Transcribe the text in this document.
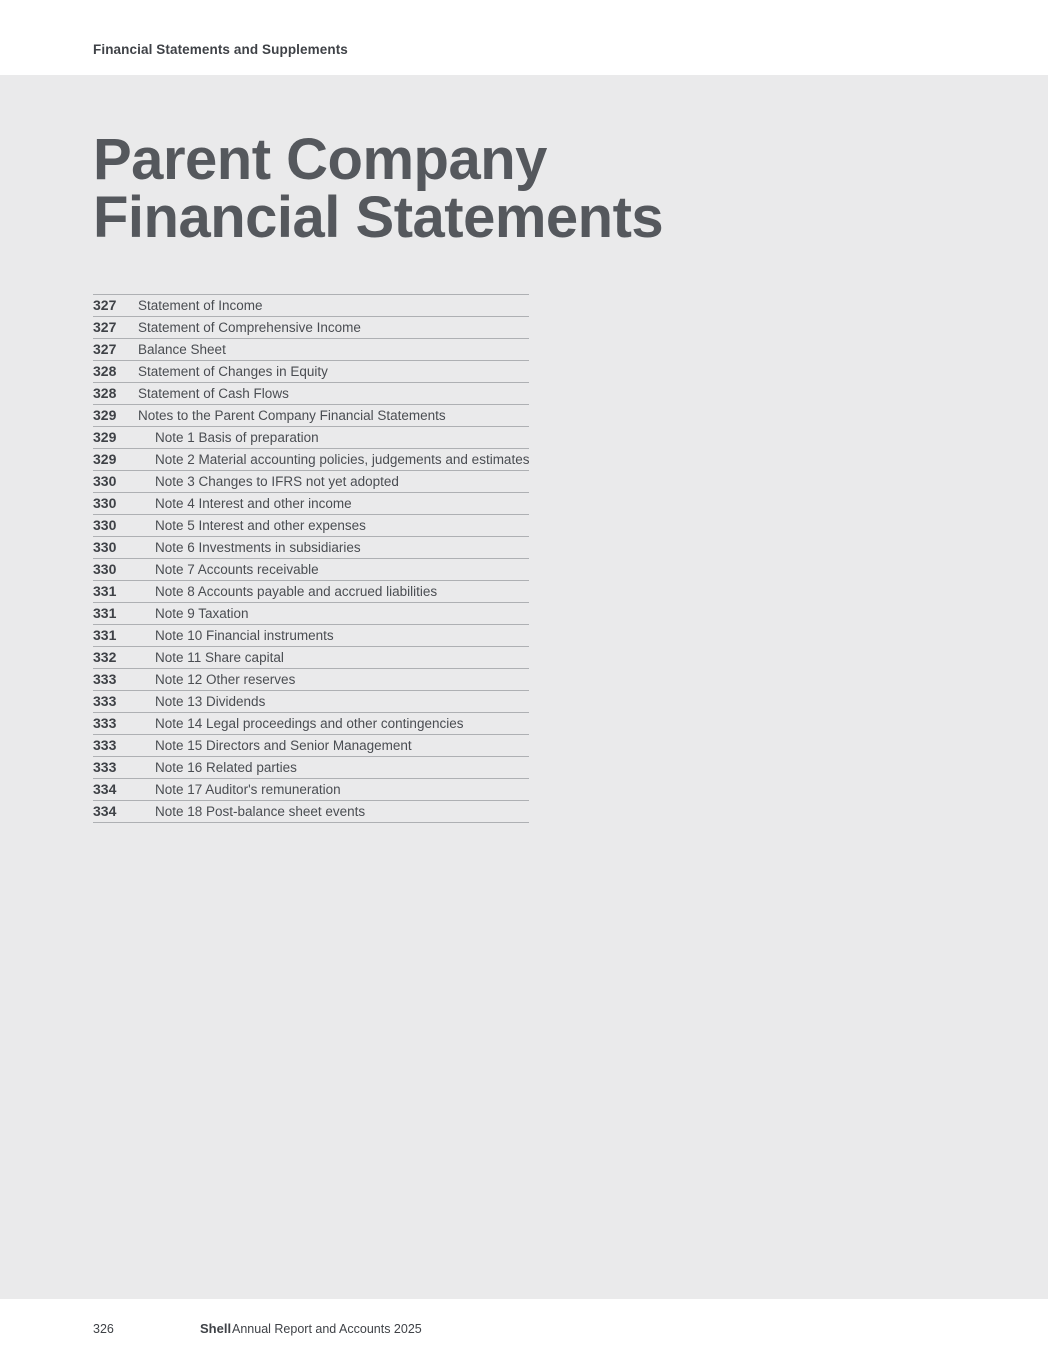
Financial Statements and Supplements
Parent Company
Financial Statements
327 Statement of Income
327 Statement of Comprehensive Income
327 Balance Sheet
328 Statement of Changes in Equity
328 Statement of Cash Flows
329 Notes to the Parent Company Financial Statements
329	Note 1 Basis of preparation
329	Note 2 Material accounting policies, judgements and estimates
330	Note 3 Changes to IFRS not yet adopted
330	Note 4 Interest and other income
330	Note 5 Interest and other expenses
330	Note 6 Investments in subsidiaries
330	Note 7 Accounts receivable
331	Note 8 Accounts payable and accrued liabilities
331	Note 9 Taxation
331	Note 10 Financial instruments
332	Note 11 Share capital
333	Note 12 Other reserves
333	Note 13 Dividends
333	Note 14 Legal proceedings and other contingencies
333	Note 15 Directors and Senior Management
333	Note 16 Related parties
334	Note 17 Auditor's remuneration
334	Note 18 Post-balance sheet events
326	Shell Annual Report and Accounts 2025
